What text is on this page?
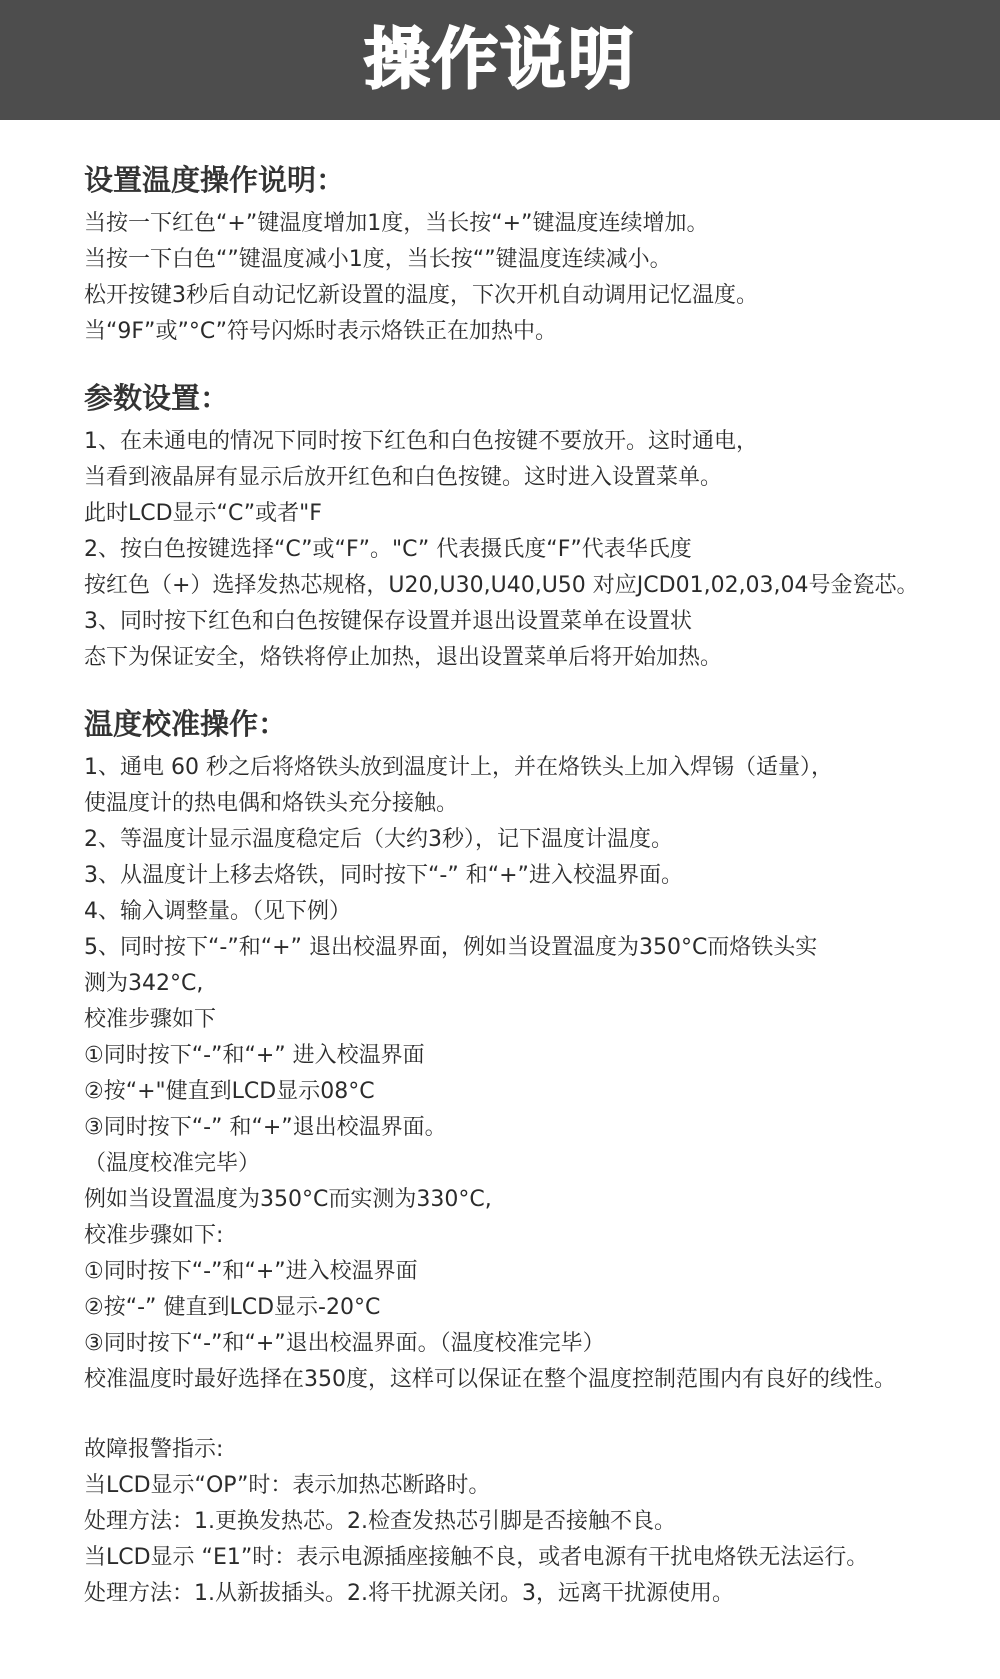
操作说明
设置温度操作说明：
当按一下红色“+”键温度增加1度，当长按“+”键温度连续增加。
当按一下白色“”键温度减小1度，当长按“”键温度连续减小。
松开按键3秒后自动记忆新设置的温度，下次开机自动调用记忆温度。
当“9F”或”°C”符号闪烁时表示烙铁正在加热中。
参数设置：
1、在未通电的情况下同时按下红色和白色按键不要放开。这时通电，
当看到液晶屏有显示后放开红色和白色按键。这时进入设置菜单。
此时LCD显示“C”或者"F
2、按白色按键选择“C”或“F”。"C” 代表摄氏度“F”代表华氏度
按红色（+）选择发热芯规格，U20,U30,U40,U50 对应JCD01,02,03,04号金瓷芯。
3、同时按下红色和白色按键保存设置并退出设置菜单在设置状
态下为保证安全，烙铁将停止加热，退出设置菜单后将开始加热。
温度校准操作：
1、通电 60 秒之后将烙铁头放到温度计上，并在烙铁头上加入焊锡（适量），
使温度计的热电偶和烙铁头充分接触。
2、等温度计显示温度稳定后（大约3秒），记下温度计温度。
3、从温度计上移去烙铁，同时按下“-” 和“+”进入校温界面。
4、输入调整量。（见下例）
5、同时按下“-”和“+” 退出校温界面，例如当设置温度为350°C而烙铁头实
测为342°C,
校准步骤如下
①同时按下“-”和“+” 进入校温界面
②按“+"健直到LCD显示08°C
③同时按下“-” 和“+”退出校温界面。
（温度校准完毕）
例如当设置温度为350°C而实测为330°C,
校准步骤如下:
①同时按下“-”和“+”进入校温界面
②按“-” 健直到LCD显示-20°C
③同时按下“-”和“+”退出校温界面。（温度校准完毕）
校准温度时最好选择在350度，这样可以保证在整个温度控制范围内有良好的线性。
故障报警指示:
当LCD显示“OP”时：表示加热芯断路时。
处理方法：1.更换发热芯。2.检查发热芯引脚是否接触不良。
当LCD显示 “E1”时：表示电源插座接触不良，或者电源有干扰电烙铁无法运行。
处理方法：1.从新拔插头。2.将干扰源关闭。3，远离干扰源使用。
